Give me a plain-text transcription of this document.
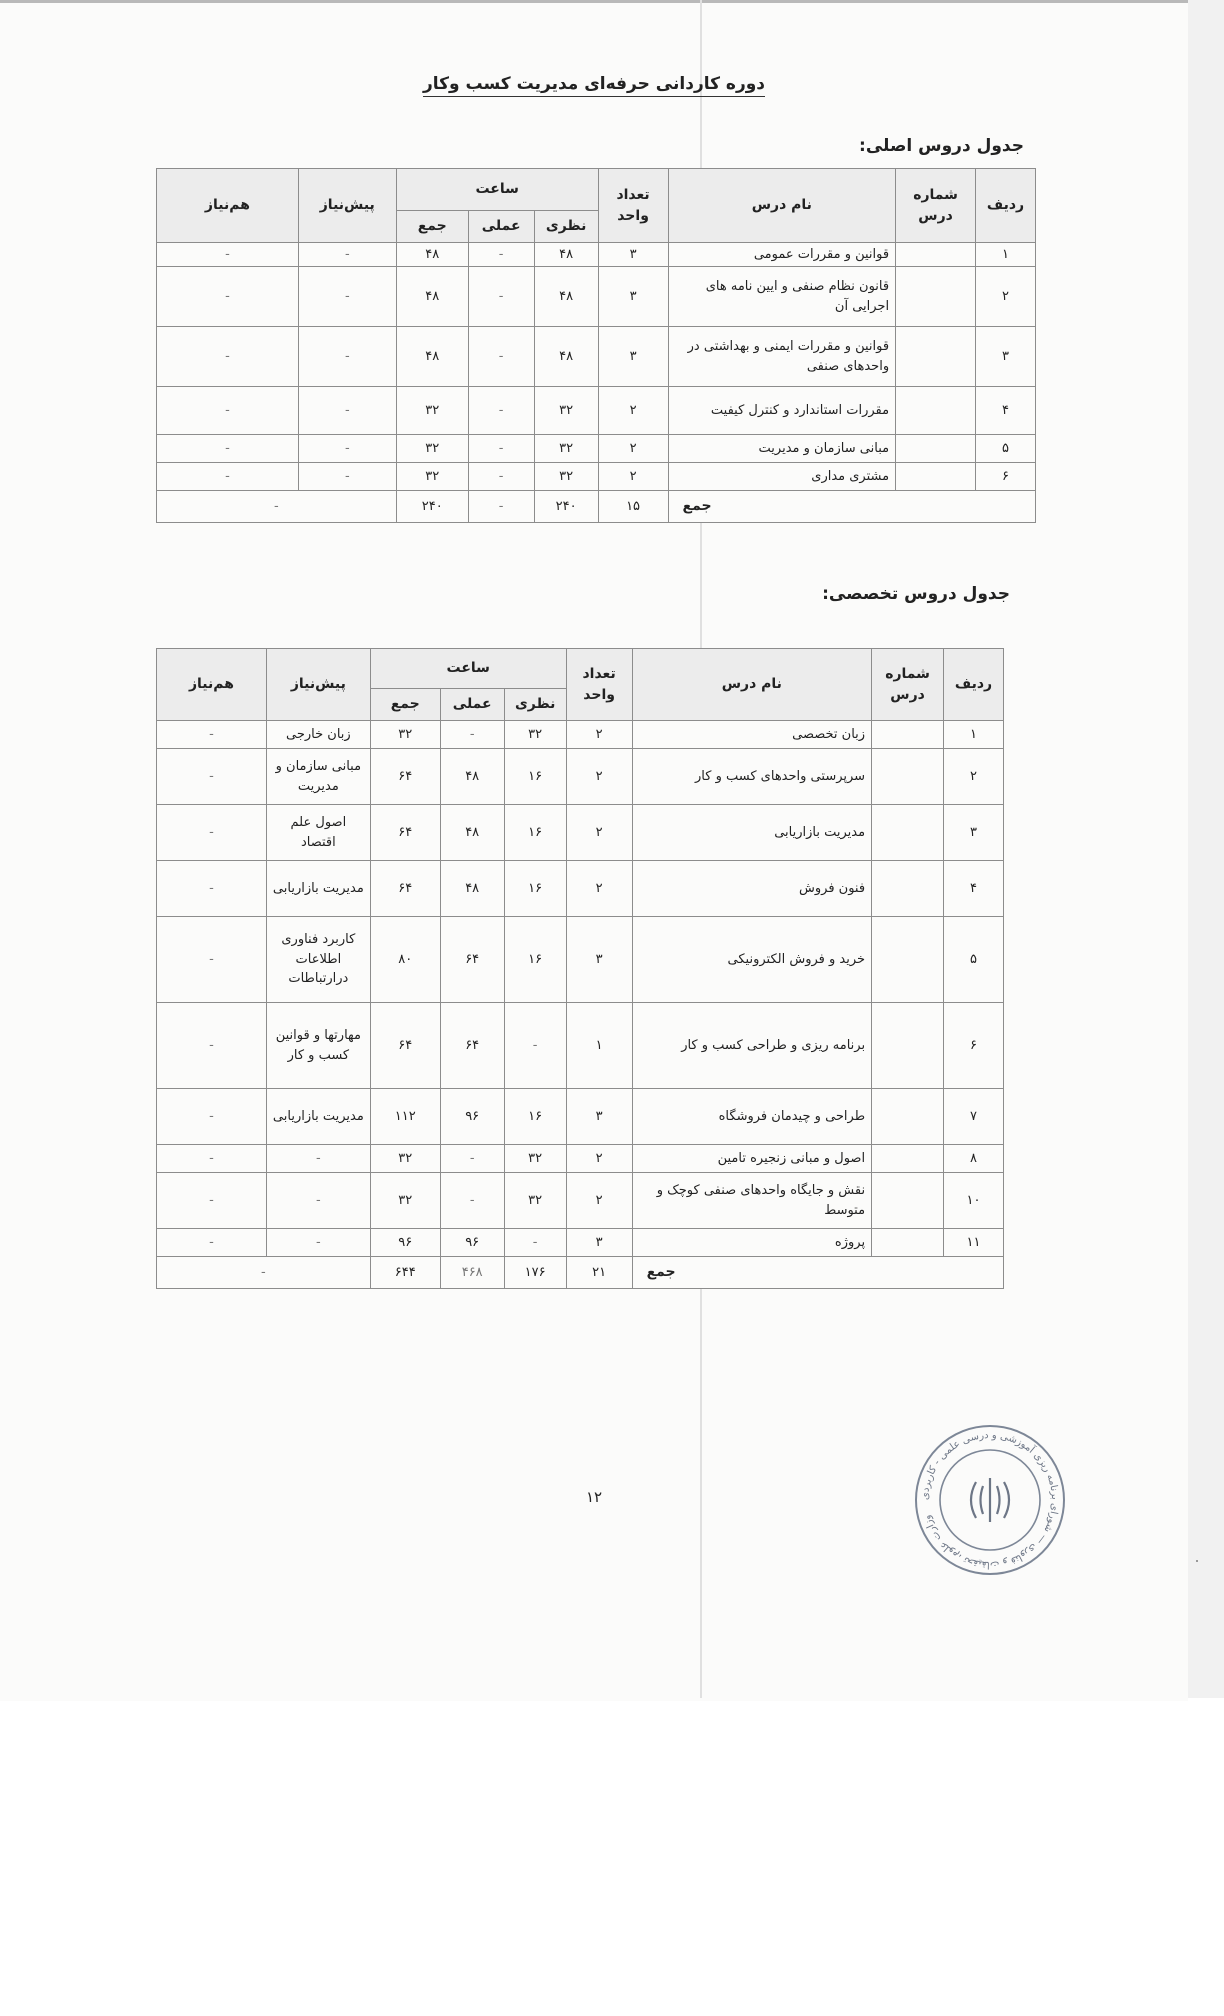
دوره کاردانی حرفه‌ای مدیریت کسب وکار
جدول دروس اصلی:
ردیف	شماره درس	نام درس	تعداد واحد	ساعت			پیش‌نیاز	هم‌نیاز
				نظری	عملی	جمع		
۱		قوانین و مقررات عمومی	۳	۴۸	-	۴۸	-	-
۲		قانون نظام صنفی و ایین نامه های اجرایی آن	۳	۴۸	-	۴۸	-	-
۳		قوانین و مقررات ایمنی و بهداشتی در واحدهای صنفی	۳	۴۸	-	۴۸	-	-
۴		مقررات استاندارد و کنترل کیفیت	۲	۳۲	-	۳۲	-	-
۵		مبانی سازمان و مدیریت	۲	۳۲	-	۳۲	-	-
۶		مشتری مداری	۲	۳۲	-	۳۲	-	-
جمع			۱۵	۲۴۰	-	۲۴۰	-	
جدول دروس تخصصی:
ردیف	شماره درس	نام درس	تعداد واحد	ساعت			پیش‌نیاز	هم‌نیاز
				نظری	عملی	جمع		
۱		زبان تخصصی	۲	۳۲	-	۳۲	زبان خارجی	-
۲		سرپرستی واحدهای کسب و کار	۲	۱۶	۴۸	۶۴	مبانی سازمان و مدیریت	-
۳		مدیریت بازاریابی	۲	۱۶	۴۸	۶۴	اصول علم اقتصاد	-
۴		فنون فروش	۲	۱۶	۴۸	۶۴	مدیریت بازاریابی	-
۵		خرید و فروش الکترونیکی	۳	۱۶	۶۴	۸۰	کاربرد فناوری اطلاعات درارتباطات	-
۶		برنامه ریزی و طراحی کسب و کار	۱	-	۶۴	۶۴	مهارتها و قوانین کسب و کار	-
۷		طراحی و چیدمان فروشگاه	۳	۱۶	۹۶	۱۱۲	مدیریت بازاریابی	-
۸		اصول و مبانی زنجیره تامین	۲	۳۲	-	۳۲	-	-
۱۰		نقش و جایگاه واحدهای صنفی کوچک و متوسط	۲	۳۲	-	۳۲	-	-
۱۱		پروژه	۳	-	۹۶	۹۶	-	-
جمع			۲۱	۱۷۶	۴۶۸	۶۴۴	-	
۱۲	وزارت علوم، تحقیقات و فناوری — شورای برنامه ریزی آموزشی و درسی علمی - کاربردی
